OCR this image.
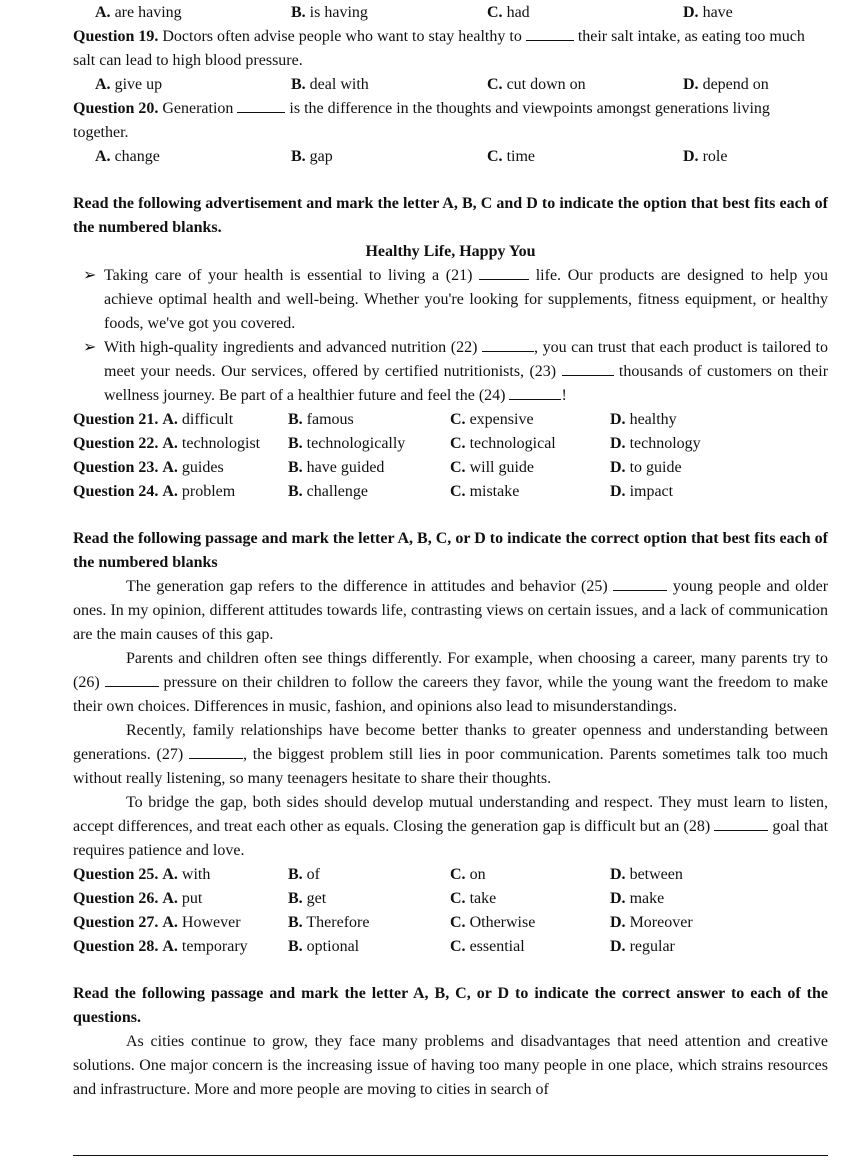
A. are having	B. is having	C. had	D. have
Question 19. Doctors often advise people who want to stay healthy to	their salt intake, as eating too much salt can lead to high blood pressure.
A. give up	B. deal with	C. cut down on	D. depend on
Question 20. Generation	is the difference in the thoughts and viewpoints amongst generations living together.
A. change	B. gap	C. time	D. role
Read the following advertisement and mark the letter A, B, C and D to indicate the option that best fits each of the numbered blanks.
Healthy Life, Happy You
➢ Taking care of your health is essential to living a (21)	life. Our products are designed to help you achieve optimal health and well-being. Whether you're looking for supplements, fitness equipment, or healthy foods, we've got you covered.
➢ With high-quality ingredients and advanced nutrition (22)	, you can trust that each product is tailored to meet your needs. Our services, offered by certified nutritionists, (23)	thousands of customers on their wellness journey. Be part of a healthier future and feel the (24)	!
Question 21. A. difficult	B. famous	C. expensive	D. healthy
Question 22. A. technologist	B. technologically	C. technological	D. technology
Question 23. A. guides	B. have guided	C. will guide	D. to guide
Question 24. A. problem	B. challenge	C. mistake	D. impact
Read the following passage and mark the letter A, B, C, or D to indicate the correct option that best fits each of the numbered blanks
The generation gap refers to the difference in attitudes and behavior (25)	young people and older ones. In my opinion, different attitudes towards life, contrasting views on certain issues, and a lack of communication are the main causes of this gap.
Parents and children often see things differently. For example, when choosing a career, many parents try to (26)	pressure on their children to follow the careers they favor, while the young want the freedom to make their own choices. Differences in music, fashion, and opinions also lead to misunderstandings.
Recently, family relationships have become better thanks to greater openness and understanding between generations. (27)	, the biggest problem still lies in poor communication. Parents sometimes talk too much without really listening, so many teenagers hesitate to share their thoughts.
To bridge the gap, both sides should develop mutual understanding and respect. They must learn to listen, accept differences, and treat each other as equals. Closing the generation gap is difficult but an (28)	goal that requires patience and love.
Question 25. A. with	B. of	C. on	D. between
Question 26. A. put	B. get	C. take	D. make
Question 27. A. However	B. Therefore	C. Otherwise	D. Moreover
Question 28. A. temporary	B. optional	C. essential	D. regular
Read the following passage and mark the letter A, B, C, or D to indicate the correct answer to each of the questions.
As cities continue to grow, they face many problems and disadvantages that need attention and creative solutions. One major concern is the increasing issue of having too many people in one place, which strains resources and infrastructure. More and more people are moving to cities in search of
